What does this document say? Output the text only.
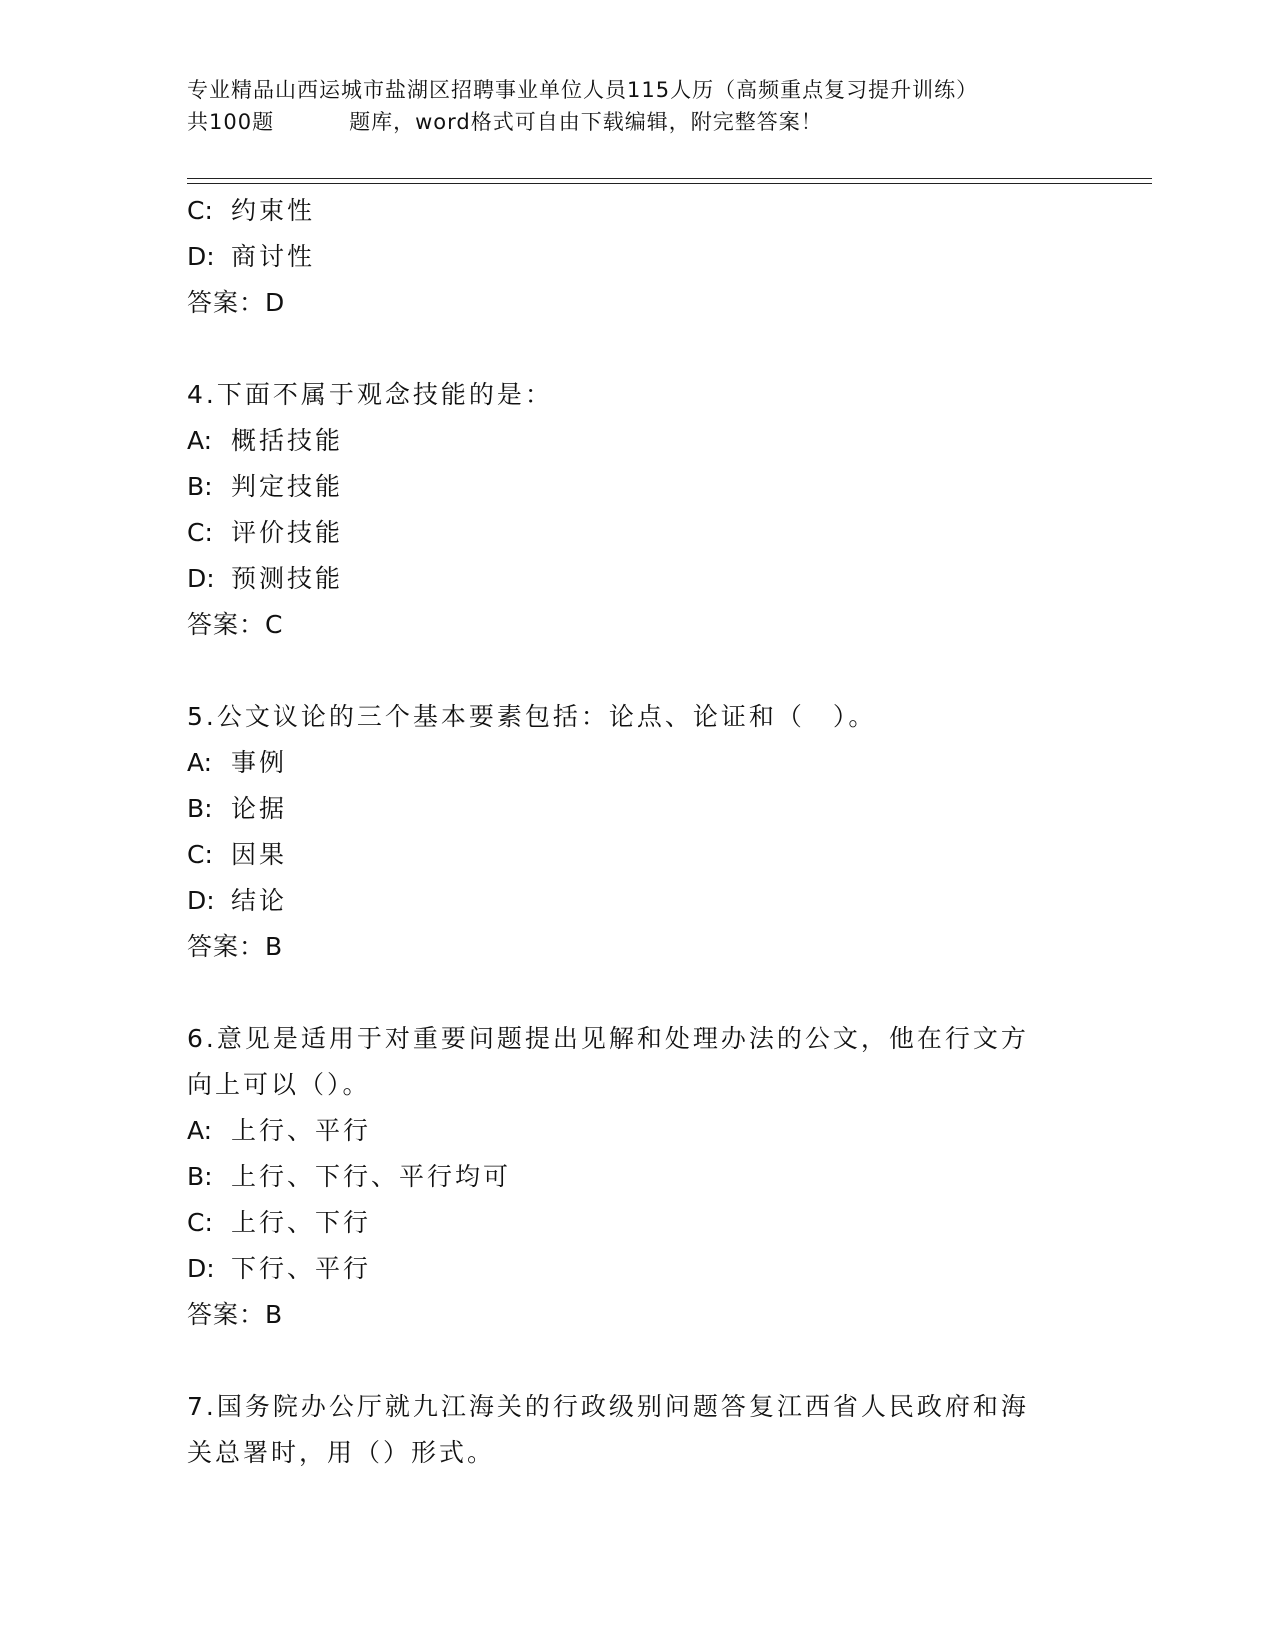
专业精品山西运城市盐湖区招聘事业单位人员115人历（高频重点复习提升训练）

共100题	题库，word格式可自由下载编辑，附完整答案！
C: 约束性
D: 商讨性
答案：D
4.下面不属于观念技能的是：
A: 概括技能
B: 判定技能
C: 评价技能
D: 预测技能
答案：C
5.公文议论的三个基本要素包括：论点、论证和（　）。
A: 事例
B: 论据
C: 因果
D: 结论
答案：B
6.意见是适用于对重要问题提出见解和处理办法的公文，他在行文方
向上可以（）。
A: 上行、平行
B: 上行、下行、平行均可
C: 上行、下行
D: 下行、平行
答案：B
7.国务院办公厅就九江海关的行政级别问题答复江西省人民政府和海
关总署时，用（）形式。
